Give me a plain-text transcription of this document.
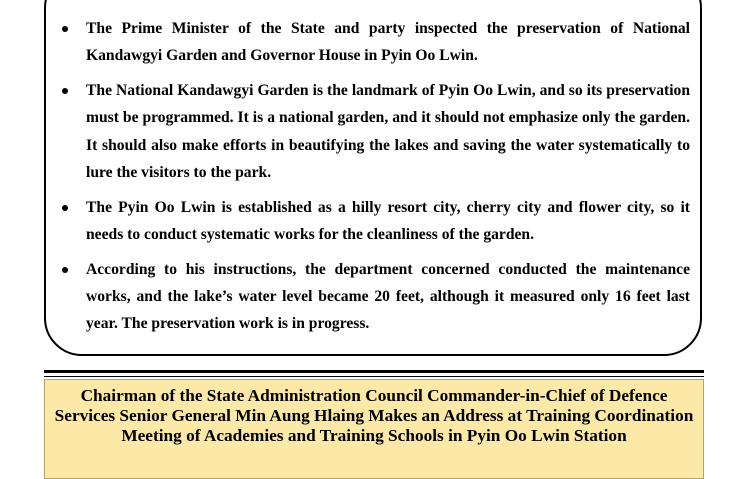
The Prime Minister of the State and party inspected the preservation of National Kandawgyi Garden and Governor House in Pyin Oo Lwin.
The National Kandawgyi Garden is the landmark of Pyin Oo Lwin, and so its preservation must be programmed. It is a national garden, and it should not emphasize only the garden. It should also make efforts in beautifying the lakes and saving the water systematically to lure the visitors to the park.
The Pyin Oo Lwin is established as a hilly resort city, cherry city and flower city, so it needs to conduct systematic works for the cleanliness of the garden.
According to his instructions, the department concerned conducted the maintenance works, and the lake’s water level became 20 feet, although it measured only 16 feet last year. The preservation work is in progress.

Chairman of the State Administration Council Commander-in-Chief of Defence Services Senior General Min Aung Hlaing Makes an Address at Training Coordination Meeting of Academies and Training Schools in Pyin Oo Lwin Station
